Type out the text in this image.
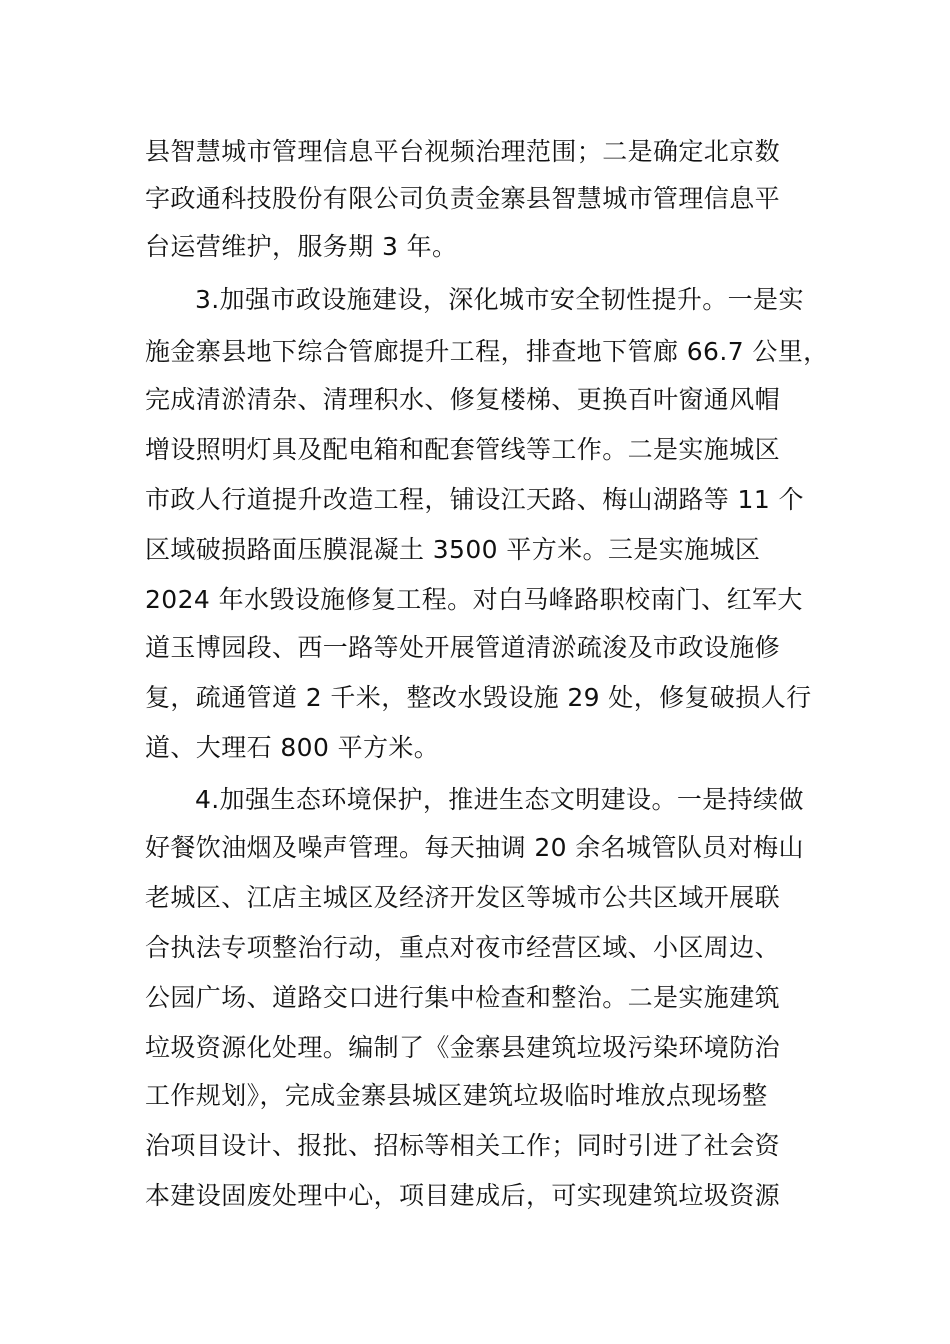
县智慧城市管理信息平台视频治理范围；二是确定北京数
字政通科技股份有限公司负责金寨县智慧城市管理信息平
台运营维护，服务期 3 年。
3.加强市政设施建设，深化城市安全韧性提升。一是实
施金寨县地下综合管廊提升工程，排查地下管廊 66.7 公里，
完成清淤清杂、清理积水、修复楼梯、更换百叶窗通风帽
增设照明灯具及配电箱和配套管线等工作。二是实施城区
市政人行道提升改造工程，铺设江天路、梅山湖路等 11 个
区域破损路面压膜混凝土 3500 平方米。三是实施城区
2024 年水毁设施修复工程。对白马峰路职校南门、红军大
道玉博园段、西一路等处开展管道清淤疏浚及市政设施修
复，疏通管道 2 千米，整改水毁设施 29 处，修复破损人行
道、大理石 800 平方米。
4.加强生态环境保护，推进生态文明建设。一是持续做
好餐饮油烟及噪声管理。每天抽调 20 余名城管队员对梅山
老城区、江店主城区及经济开发区等城市公共区域开展联
合执法专项整治行动，重点对夜市经营区域、小区周边、
公园广场、道路交口进行集中检查和整治。二是实施建筑
垃圾资源化处理。编制了《金寨县建筑垃圾污染环境防治
工作规划》，完成金寨县城区建筑垃圾临时堆放点现场整
治项目设计、报批、招标等相关工作；同时引进了社会资
本建设固废处理中心，项目建成后，可实现建筑垃圾资源
